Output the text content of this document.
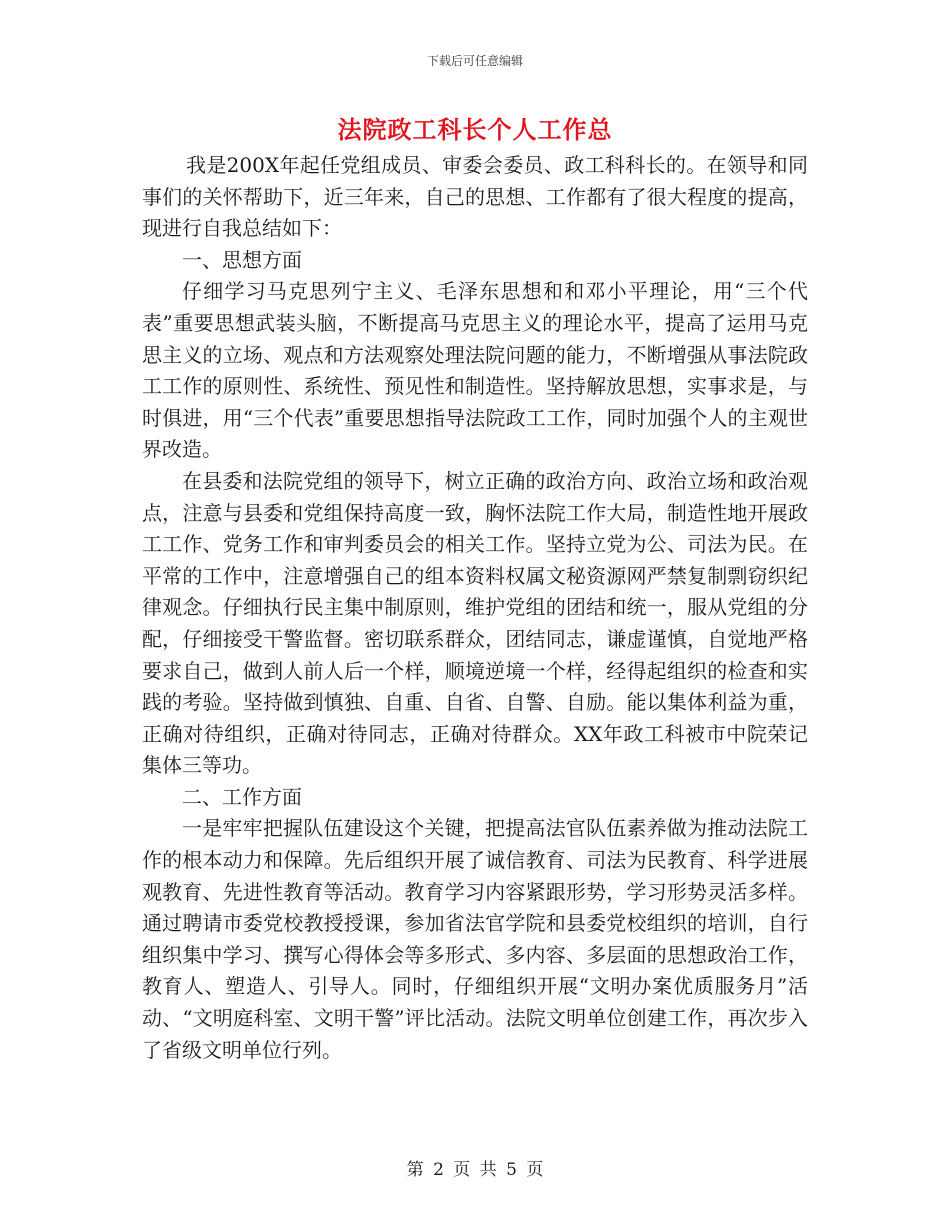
下载后可任意编辑
法院政工科长个人工作总

我是200X年起任党组成员、审委会委员、政工科科长的。在领导和同事们的关怀帮助下，近三年来，自己的思想、工作都有了很大程度的提高，现进行自我总结如下：

一、思想方面

仔细学习马克思列宁主义、毛泽东思想和和邓小平理论，用“三个代表”重要思想武装头脑，不断提高马克思主义的理论水平，提高了运用马克思主义的立场、观点和方法观察处理法院问题的能力，不断增强从事法院政工工作的原则性、系统性、预见性和制造性。坚持解放思想，实事求是，与时俱进，用“三个代表”重要思想指导法院政工工作，同时加强个人的主观世界改造。

在县委和法院党组的领导下，树立正确的政治方向、政治立场和政治观点，注意与县委和党组保持高度一致，胸怀法院工作大局，制造性地开展政工工作、党务工作和审判委员会的相关工作。坚持立党为公、司法为民。在平常的工作中，注意增强自己的组本资料权属文秘资源网严禁复制剽窃织纪律观念。仔细执行民主集中制原则，维护党组的团结和统一，服从党组的分配，仔细接受干警监督。密切联系群众，团结同志，谦虚谨慎，自觉地严格要求自己，做到人前人后一个样，顺境逆境一个样，经得起组织的检查和实践的考验。坚持做到慎独、自重、自省、自警、自励。能以集体利益为重，正确对待组织，正确对待同志，正确对待群众。XX年政工科被市中院荣记集体三等功。

二、工作方面

一是牢牢把握队伍建设这个关键，把提高法官队伍素养做为推动法院工作的根本动力和保障。先后组织开展了诚信教育、司法为民教育、科学进展观教育、先进性教育等活动。教育学习内容紧跟形势，学习形势灵活多样。通过聘请市委党校教授授课，参加省法官学院和县委党校组织的培训，自行组织集中学习、撰写心得体会等多形式、多内容、多层面的思想政治工作，教育人、塑造人、引导人。同时，仔细组织开展“文明办案优质服务月”活动、“文明庭科室、文明干警”评比活动。法院文明单位创建工作，再次步入了省级文明单位行列。

第 2 页 共 5 页
